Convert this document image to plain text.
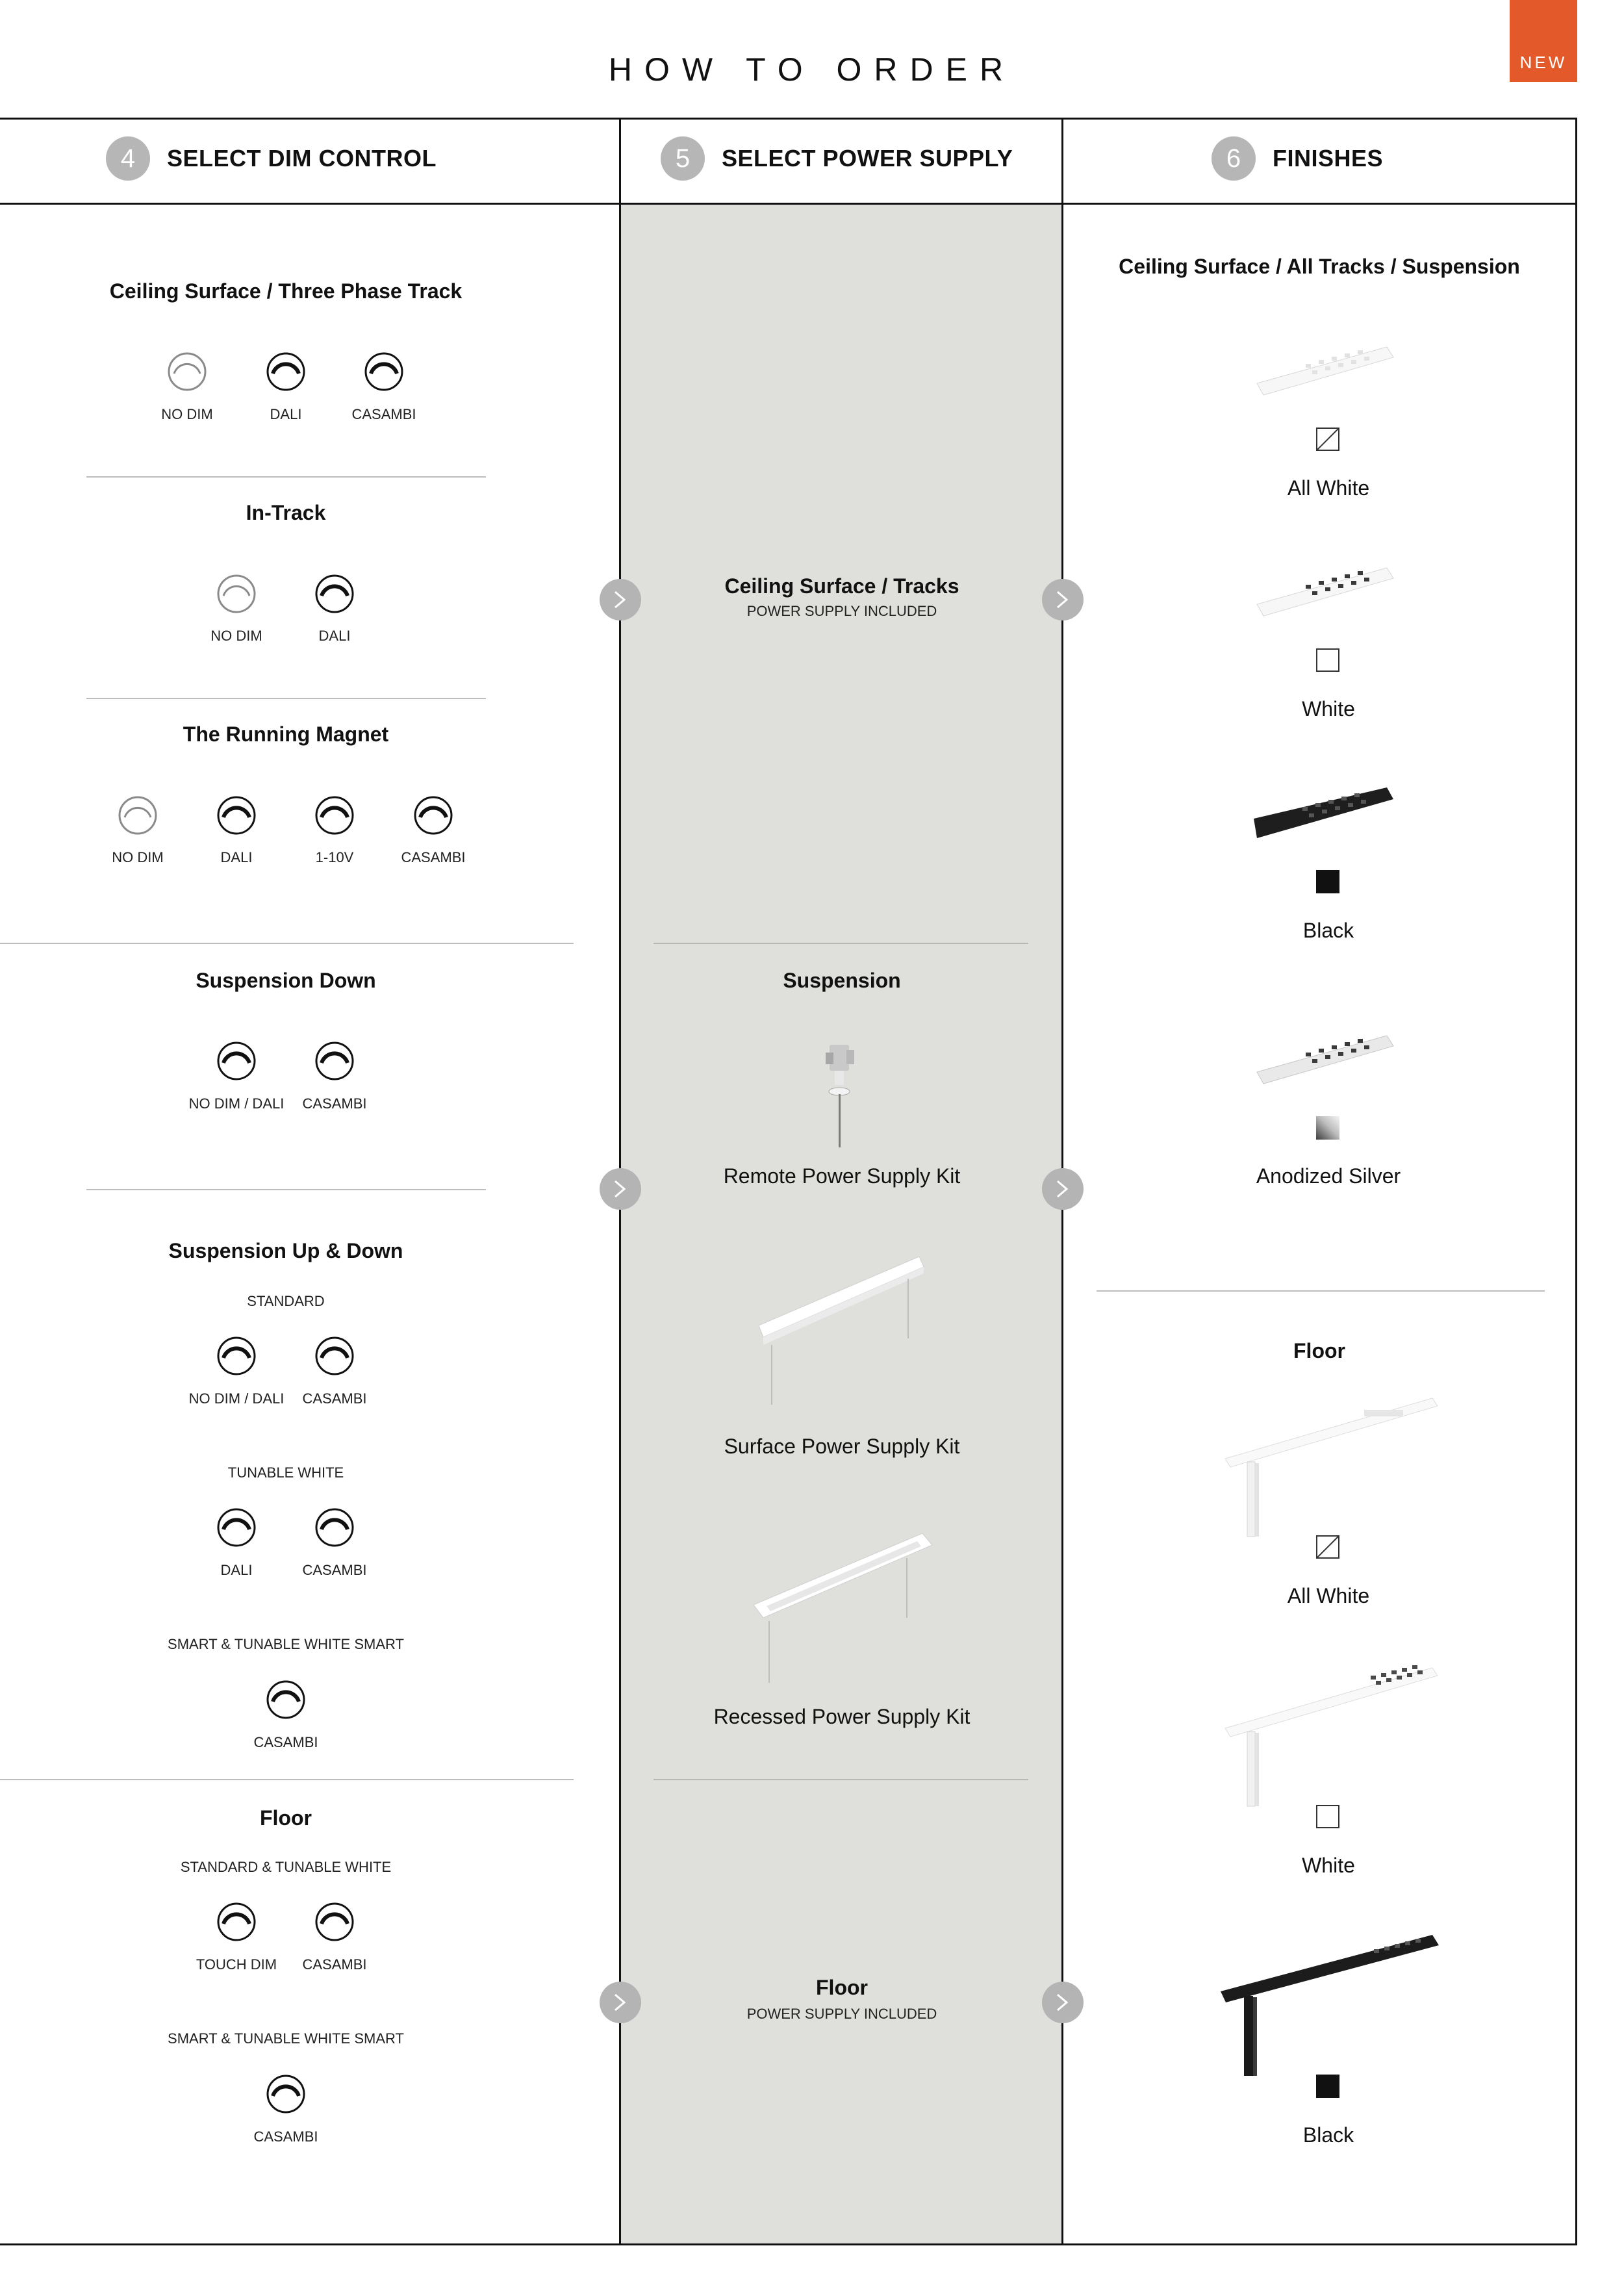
HOW TO ORDER	NEW
4	SELECT DIM CONTROL	5	SELECT POWER SUPPLY	6	FINISHES
Ceiling Surface / Three Phase Track
NO DIM	DALI	CASAMBI
In-Track
NO DIM	DALI
The Running Magnet
NO DIM	DALI	1-10V	CASAMBI
Suspension Down
NO DIM / DALI	CASAMBI
Suspension Up & Down
STANDARD
NO DIM / DALI	CASAMBI
TUNABLE WHITE
DALI	CASAMBI
SMART & TUNABLE WHITE SMART
CASAMBI
Floor
STANDARD & TUNABLE WHITE
TOUCH DIM	CASAMBI
SMART & TUNABLE WHITE SMART
CASAMBI
Ceiling Surface / Tracks
POWER SUPPLY INCLUDED
Suspension
Remote Power Supply Kit
Surface Power Supply Kit
Recessed Power Supply Kit
Floor
POWER SUPPLY INCLUDED
Ceiling Surface / All Tracks / Suspension
All White
White
Black
Anodized Silver
Floor
All White
White
Black
